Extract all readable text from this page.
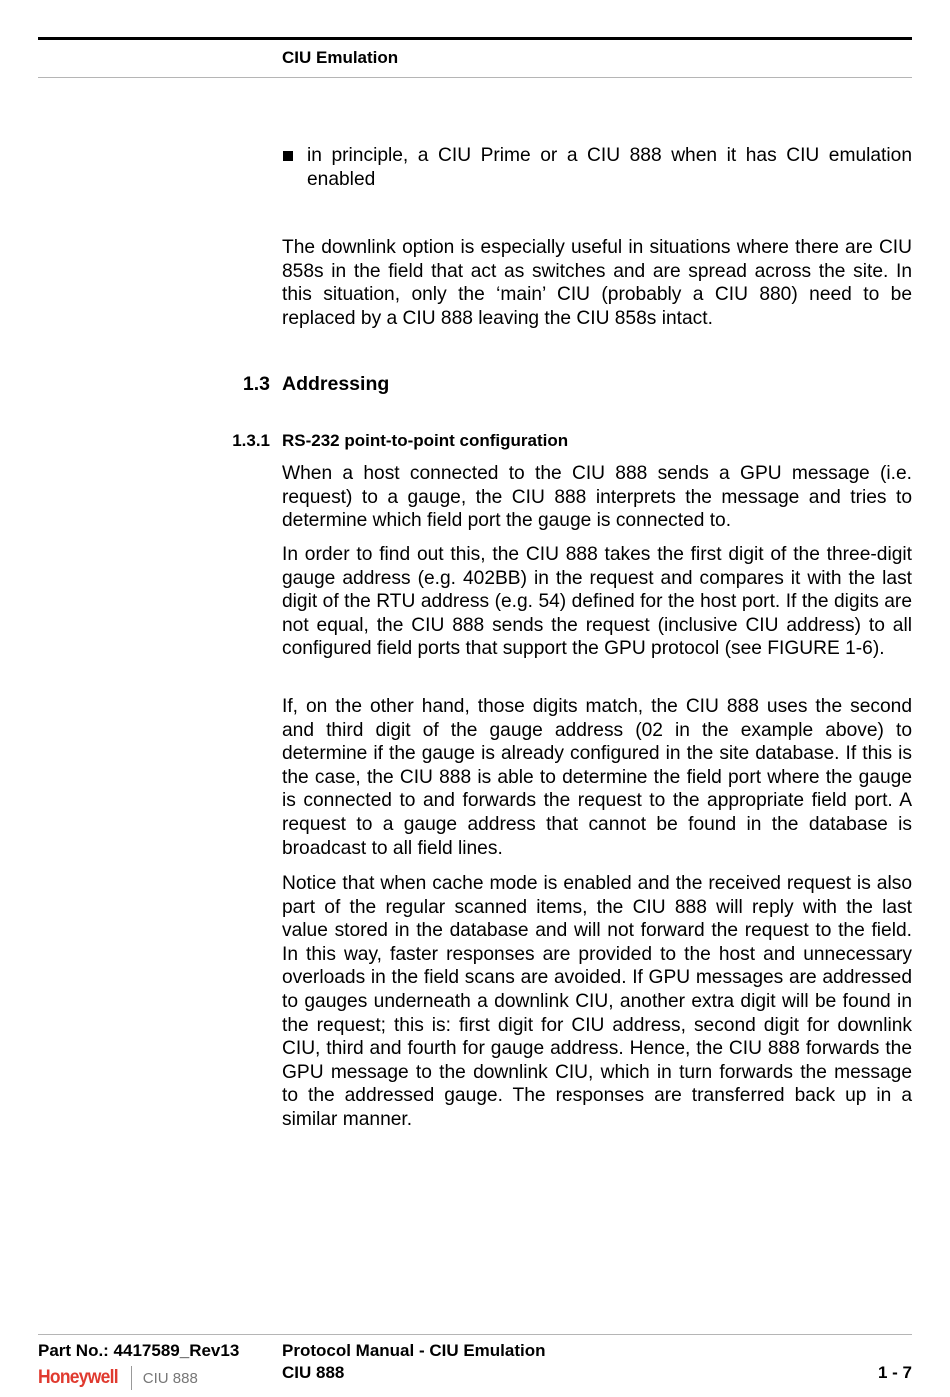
CIU Emulation
in principle, a CIU Prime or a CIU 888 when it has CIU emulation enabled

The downlink option is especially useful in situations where there are CIU 858s in the field that act as switches and are spread across the site. In this situation, only the ‘main’ CIU (probably a CIU 880) need to be replaced by a CIU 888 leaving the CIU 858s intact.

1.3 Addressing
1.3.1 RS-232 point-to-point configuration

When a host connected to the CIU 888 sends a GPU message (i.e. request) to a gauge, the CIU 888 interprets the message and tries to determine which field port the gauge is connected to.

In order to find out this, the CIU 888 takes the first digit of the three-digit gauge address (e.g. 402BB) in the request and compares it with the last digit of the RTU address (e.g. 54) defined for the host port. If the digits are not equal, the CIU 888 sends the request (inclusive CIU address) to all configured field ports that support the GPU protocol (see FIGURE 1-6).

If, on the other hand, those digits match, the CIU 888 uses the second and third digit of the gauge address (02 in the example above) to determine if the gauge is already configured in the site database. If this is the case, the CIU 888 is able to determine the field port where the gauge is connected to and forwards the request to the appropriate field port. A request to a gauge address that cannot be found in the database is broadcast to all field lines.

Notice that when cache mode is enabled and the received request is also part of the regular scanned items, the CIU 888 will reply with the last value stored in the database and will not forward the request to the field. In this way, faster responses are provided to the host and unnecessary overloads in the field scans are avoided. If GPU messages are addressed to gauges underneath a downlink CIU, another extra digit will be found in the request; this is: first digit for CIU address, second digit for downlink CIU, third and fourth for gauge address. Hence, the CIU 888 forwards the GPU message to the downlink CIU, which in turn forwards the message to the addressed gauge. The responses are transferred back up in a similar manner.

Part No.: 4417589_Rev13	Protocol Manual - CIU Emulation
CIU 888	1 - 7
Honeywell CIU 888
